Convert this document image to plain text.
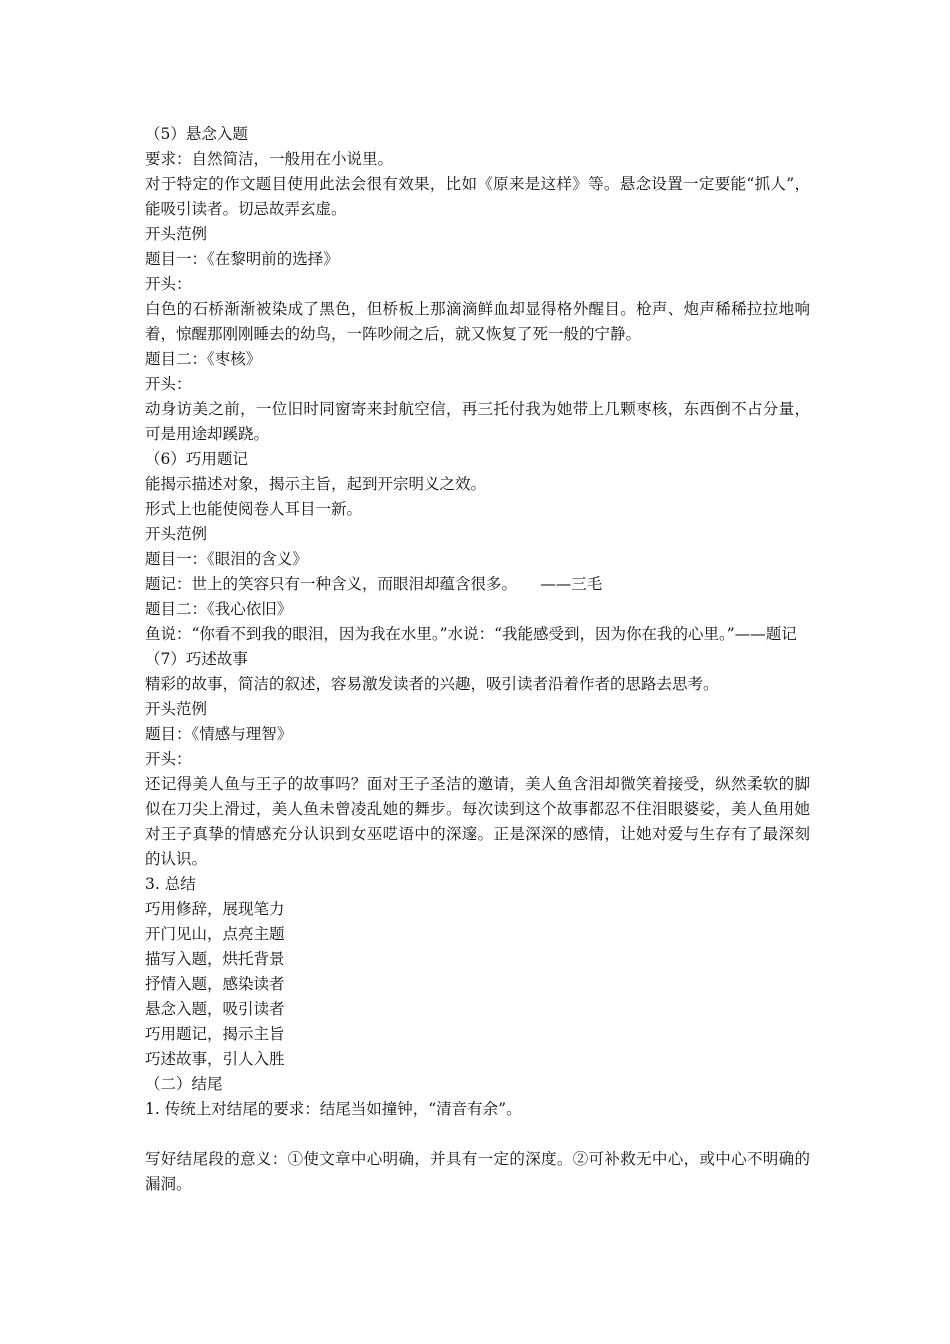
（5）悬念入题
要求：自然简洁，一般用在小说里。
对于特定的作文题目使用此法会很有效果，比如《原来是这样》等。悬念设置一定要能“抓人”，能吸引读者。切忌故弄玄虚。
开头范例
题目一：《在黎明前的选择》
开头：
白色的石桥渐渐被染成了黑色，但桥板上那滴滴鲜血却显得格外醒目。枪声、炮声稀稀拉拉地响着，惊醒那刚刚睡去的幼鸟，一阵吵闹之后，就又恢复了死一般的宁静。
题目二：《枣核》
开头：
动身访美之前，一位旧时同窗寄来封航空信，再三托付我为她带上几颗枣核，东西倒不占分量，可是用途却蹊跷。
（6）巧用题记
能揭示描述对象，揭示主旨，起到开宗明义之效。
形式上也能使阅卷人耳目一新。
开头范例
题目一：《眼泪的含义》
题记：世上的笑容只有一种含义，而眼泪却蕴含很多。　　——三毛
题目二：《我心依旧》
鱼说：“你看不到我的眼泪，因为我在水里。”水说：“我能感受到，因为你在我的心里。”——题记
（7）巧述故事
精彩的故事，简洁的叙述，容易激发读者的兴趣，吸引读者沿着作者的思路去思考。
开头范例
题目：《情感与理智》
开头：
还记得美人鱼与王子的故事吗？面对王子圣洁的邀请，美人鱼含泪却微笑着接受，纵然柔软的脚似在刀尖上滑过，美人鱼未曾凌乱她的舞步。每次读到这个故事都忍不住泪眼婆娑，美人鱼用她对王子真挚的情感充分认识到女巫呓语中的深邃。正是深深的感情，让她对爱与生存有了最深刻的认识。
3. 总结
巧用修辞，展现笔力
开门见山，点亮主题
描写入题，烘托背景
抒情入题，感染读者
悬念入题，吸引读者
巧用题记，揭示主旨
巧述故事，引人入胜
（二）结尾
1. 传统上对结尾的要求：结尾当如撞钟，“清音有余”。
写好结尾段的意义：①使文章中心明确，并具有一定的深度。②可补救无中心，或中心不明确的漏洞。
